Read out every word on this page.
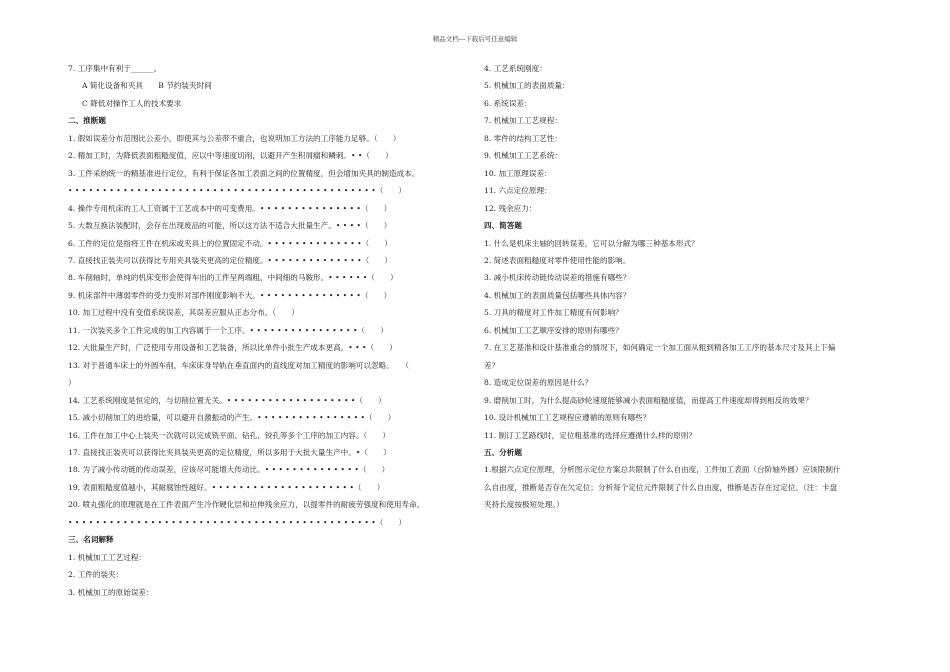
精品文档---下载后可任意编辑
7. 工序集中有利于______。
A 简化设备和夹具　　B 节约装夹时间
C 降低对操作工人的技术要求
二、推断题
1. 假如误差分布范围比公差小，即使其与公差带不重合，也说明加工方法的工序能力足够。（　　）
2. 精加工时，为降低表面粗糙度值，应以中等速度切削，以避开产生积屑瘤和鳞刺。• •（　　）
3. 工件采纳统一的精基准进行定位，有利于保证各加工表面之间的位置精度，但会增加夹具的制造成本。
• • • • • • • • • • • • • • • • • • • • • • • • • • • • • • • • • • • • • • • • • • • • •（　　）
4. 操作专用机床的工人工资属于工艺成本中的可变费用。• • • • • • • • • • • • • • •（　　）
5. 大数互换法装配时，会存在出现废品的可能，所以这方法不适合大批量生产。• • • •（　　）
6. 工件的定位是指将工件在机床或夹具上的位置固定不动。• • • • • • • • • • • • • •（　　）
7. 直接找正装夹可以获得比专用夹具装夹更高的定位精度。• • • • • • • • • • • • • •（　　）
8. 车削轴时，单纯的机床变形会使得车出的工件呈两端粗、中间细的马鞍形。• • • • • •（　　）
9. 机床部件中薄弱零件的受力变形对部件刚度影响不大。• • • • • • • • • • • • • • •（　　）
10. 加工过程中没有变值系统误差，其误差应服从正态分布。（　　）
11. 一次装夹多个工件完成的加工内容属于一个工序。• • • • • • • • • • • • • • • •（　　）
12. 大批量生产时，广泛使用专用设备和工艺装备，所以比单件小批生产成本更高。• • •（　　）
13. 对于普通车床上的外圆车削，车床床身导轨在垂直面内的直线度对加工精度的影响可以忽略。　　（
）
14. 工艺系统刚度是恒定的，与切削位置无关。• • • • • • • • • • • • • • • • • • •（　　）
15. 减小切削加工的进给量，可以避开自激振动的产生。• • • • • • • • • • • • • • • •（　　）
16. 工件在加工中心上装夹一次就可以完成铣平面、钻孔、铰孔等多个工序的加工内容。（　　）
17. 直接找正装夹可以获得比夹具装夹更高的定位精度，所以多用于大批大量生产中。•（　　）
18. 为了减小传动链的传动误差，应该尽可能增大传动比。• • • • • • • • • • • • • •（　　）
19. 表面粗糙度值越小，其耐腐蚀性越好。• • • • • • • • • • • • • • • • • • • • •（　　）
20. 喷丸强化的原理就是在工件表面产生冷作硬化层和拉伸残余应力，以提零件的耐疲劳强度和使用寿命。
• • • • • • • • • • • • • • • • • • • • • • • • • • • • • • • • • • • • • • • • • • • • •（　　）
三、名词解释
1. 机械加工工艺过程：
2. 工件的装夹：
3. 机械加工的原始误差：
4. 工艺系统刚度：
5. 机械加工的表面质量：
6. 系统误差：
7. 机械加工工艺规程：
8. 零件的结构工艺性：
9. 机械加工工艺系统：
10. 加工原理误差：
11. 六点定位原理：
12. 残余应力：
四、简答题
1. 什么是机床主轴的回转误差，它可以分解为哪三种基本形式？
2. 简述表面粗糙度对零件使用性能的影响。
3. 减小机床传动链传动误差的措施有哪些？
4. 机械加工的表面质量包括哪些具体内容？
5. 刀具的精度对工件加工精度有何影响？
6. 机械加工工艺顺序安排的原则有哪些？
7. 在工艺基准和设计基准重合的情况下，如何确定一个加工面从粗到精各加工工序的基本尺寸及其上下偏
差？
8. 造成定位误差的原因是什么？
9. 磨削加工时，为什么提高砂轮速度能够减小表面粗糙度值，而提高工件速度却得到相反的效果？
10. 设计机械加工工艺规程应遵循的原则有哪些？
11. 制订工艺路线时，定位粗基准的选择应遵循什么样的原则？
五、分析题
1.根据六点定位原理，分析图示定位方案总共限制了什么自由度，工件加工表面（台阶轴外圆）应该限制什
么自由度，推断是否存在欠定位；分析每个定位元件限制了什么自由度，推断是否存在过定位。（注：卡盘
夹持长度按极短处理。）
